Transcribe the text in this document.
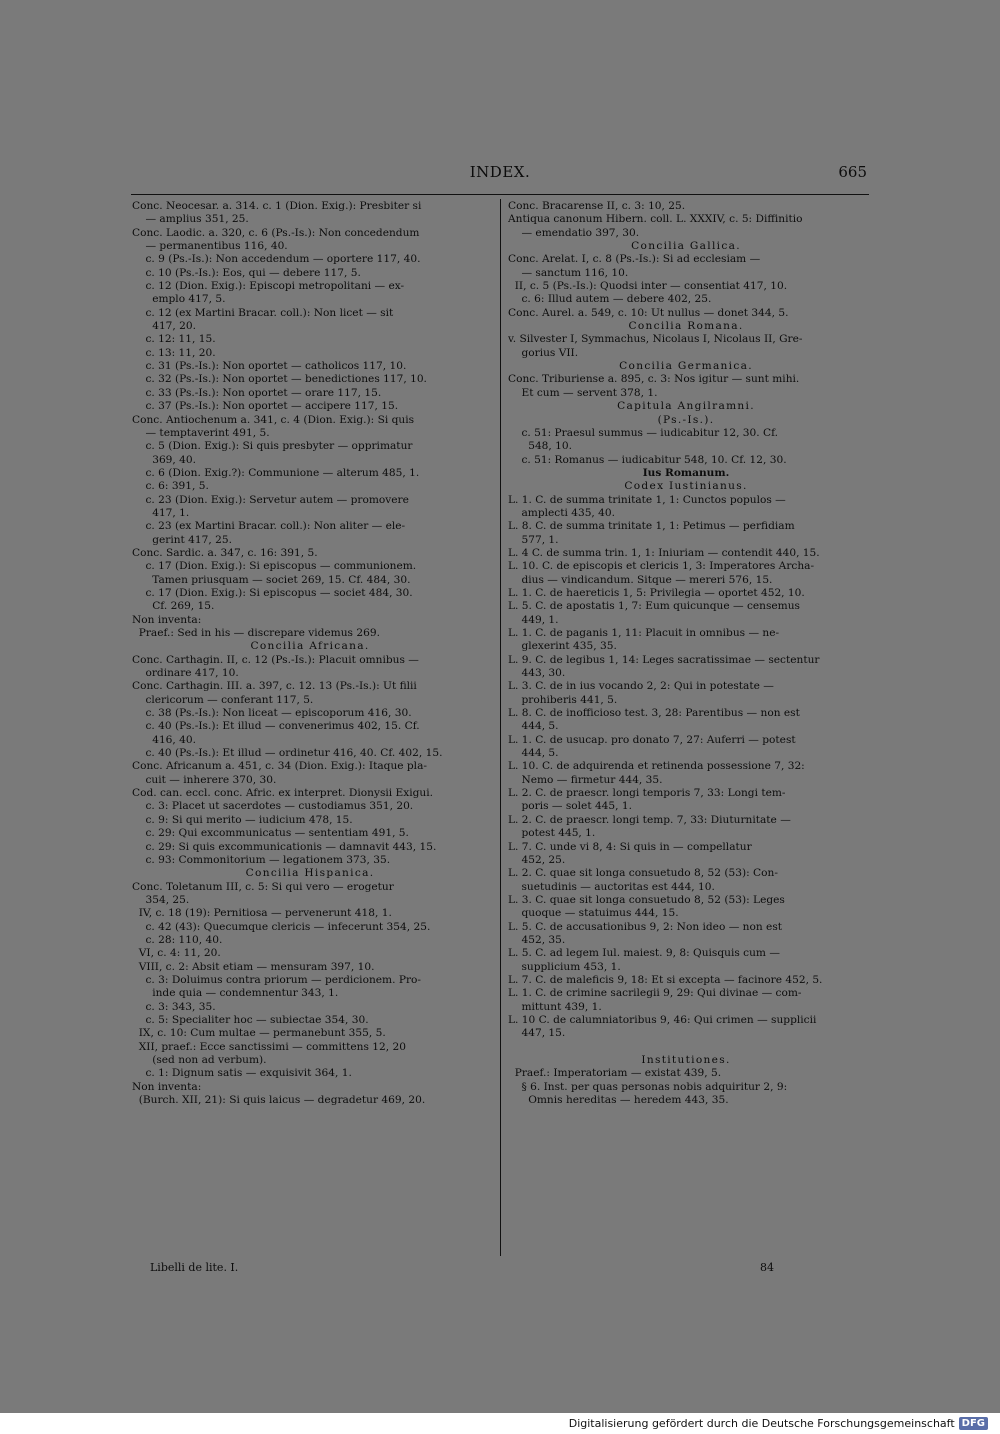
INDEX.	665
Conc. Neocesar. a. 314. c. 1 (Dion. Exig.): Presbiter si
— amplius 351, 25.
Conc. Laodic. a. 320, c. 6 (Ps.-Is.): Non concedendum
— permanentibus 116, 40.
c. 9 (Ps.-Is.): Non accedendum — oportere 117, 40.
c. 10 (Ps.-Is.): Eos, qui — debere 117, 5.
c. 12 (Dion. Exig.): Episcopi metropolitani — ex-
emplo 417, 5.
c. 12 (ex Martini Bracar. coll.): Non licet — sit
417, 20.
c. 12: 11, 15.
c. 13: 11, 20.
c. 31 (Ps.-Is.): Non oportet — catholicos 117, 10.
c. 32 (Ps.-Is.): Non oportet — benedictiones 117, 10.
c. 33 (Ps.-Is.): Non oportet — orare 117, 15.
c. 37 (Ps.-Is.): Non oportet — accipere 117, 15.
Conc. Antiochenum a. 341, c. 4 (Dion. Exig.): Si quis
— temptaverint 491, 5.
c. 5 (Dion. Exig.): Si quis presbyter — opprimatur
369, 40.
c. 6 (Dion. Exig.?): Communione — alterum 485, 1.
c. 6: 391, 5.
c. 23 (Dion. Exig.): Servetur autem — promovere
417, 1.
c. 23 (ex Martini Bracar. coll.): Non aliter — ele-
gerint 417, 25.
Conc. Sardic. a. 347, c. 16: 391, 5.
c. 17 (Dion. Exig.): Si episcopus — communionem.
Tamen priusquam — societ 269, 15. Cf. 484, 30.
c. 17 (Dion. Exig.): Si episcopus — societ 484, 30.
Cf. 269, 15.
Non inventa:
Praef.: Sed in his — discrepare videmus 269.
Concilia Africana.
Conc. Carthagin. II, c. 12 (Ps.-Is.): Placuit omnibus —
ordinare 417, 10.
Conc. Carthagin. III. a. 397, c. 12. 13 (Ps.-Is.): Ut filii
clericorum — conferant 117, 5.
c. 38 (Ps.-Is.): Non liceat — episcoporum 416, 30.
c. 40 (Ps.-Is.): Et illud — convenerimus 402, 15. Cf.
416, 40.
c. 40 (Ps.-Is.): Et illud — ordinetur 416, 40. Cf. 402, 15.
Conc. Africanum a. 451, c. 34 (Dion. Exig.): Itaque pla-
cuit — inherere 370, 30.
Cod. can. eccl. conc. Afric. ex interpret. Dionysii Exigui.
c. 3: Placet ut sacerdotes — custodiamus 351, 20.
c. 9: Si qui merito — iudicium 478, 15.
c. 29: Qui excommunicatus — sententiam 491, 5.
c. 29: Si quis excommunicationis — damnavit 443, 15.
c. 93: Commonitorium — legationem 373, 35.
Concilia Hispanica.
Conc. Toletanum III, c. 5: Si qui vero — erogetur
354, 25.
IV, c. 18 (19): Pernitiosa — pervenerunt 418, 1.
c. 42 (43): Quecumque clericis — infecerunt 354, 25.
c. 28: 110, 40.
VI, c. 4: 11, 20.
VIII, c. 2: Absit etiam — mensuram 397, 10.
c. 3: Doluimus contra priorum — perdicionem. Pro-
inde quia — condemnentur 343, 1.
c. 3: 343, 35.
c. 5: Specialiter hoc — subiectae 354, 30.
IX, c. 10: Cum multae — permanebunt 355, 5.
XII, praef.: Ecce sanctissimi — committens 12, 20
(sed non ad verbum).
c. 1: Dignum satis — exquisivit 364, 1.
Non inventa:
(Burch. XII, 21): Si quis laicus — degradetur 469, 20.
Conc. Bracarense II, c. 3: 10, 25.
Antiqua canonum Hibern. coll. L. XXXIV, c. 5: Diffinitio
— emendatio 397, 30.
Concilia Gallica.
Conc. Arelat. I, c. 8 (Ps.-Is.): Si ad ecclesiam —
— sanctum 116, 10.
II, c. 5 (Ps.-Is.): Quodsi inter — consentiat 417, 10.
c. 6: Illud autem — debere 402, 25.
Conc. Aurel. a. 549, c. 10: Ut nullus — donet 344, 5.
Concilia Romana.
v. Silvester I, Symmachus, Nicolaus I, Nicolaus II, Gre-
gorius VII.
Concilia Germanica.
Conc. Triburiense a. 895, c. 3: Nos igitur — sunt mihi.
Et cum — servent 378, 1.
Capitula Angilramni.
(Ps.-Is.).
c. 51: Praesul summus — iudicabitur 12, 30. Cf.
548, 10.
c. 51: Romanus — iudicabitur 548, 10. Cf. 12, 30.
Ius Romanum.
Codex Iustinianus.
L. 1. C. de summa trinitate 1, 1: Cunctos populos —
amplecti 435, 40.
L. 8. C. de summa trinitate 1, 1: Petimus — perfidiam
577, 1.
L. 4 C. de summa trin. 1, 1: Iniuriam — contendit 440, 15.
L. 10. C. de episcopis et clericis 1, 3: Imperatores Archa-
dius — vindicandum. Sitque — mereri 576, 15.
L. 1. C. de haereticis 1, 5: Privilegia — oportet 452, 10.
L. 5. C. de apostatis 1, 7: Eum quicunque — censemus
449, 1.
L. 1. C. de paganis 1, 11: Placuit in omnibus — ne-
glexerint 435, 35.
L. 9. C. de legibus 1, 14: Leges sacratissimae — sectentur
443, 30.
L. 3. C. de in ius vocando 2, 2: Qui in potestate —
prohiberis 441, 5.
L. 8. C. de inofficioso test. 3, 28: Parentibus — non est
444, 5.
L. 1. C. de usucap. pro donato 7, 27: Auferri — potest
444, 5.
L. 10. C. de adquirenda et retinenda possessione 7, 32:
Nemo — firmetur 444, 35.
L. 2. C. de praescr. longi temporis 7, 33: Longi tem-
poris — solet 445, 1.
L. 2. C. de praescr. longi temp. 7, 33: Diuturnitate —
potest 445, 1.
L. 7. C. unde vi 8, 4: Si quis in — compellatur
452, 25.
L. 2. C. quae sit longa consuetudo 8, 52 (53): Con-
suetudinis — auctoritas est 444, 10.
L. 3. C. quae sit longa consuetudo 8, 52 (53): Leges
quoque — statuimus 444, 15.
L. 5. C. de accusationibus 9, 2: Non ideo — non est
452, 35.
L. 5. C. ad legem Iul. maiest. 9, 8: Quisquis cum —
supplicium 453, 1.
L. 7. C. de maleficis 9, 18: Et si excepta — facinore 452, 5.
L. 1. C. de crimine sacrilegii 9, 29: Qui divinae — com-
mittunt 439, 1.
L. 10 C. de calumniatoribus 9, 46: Qui crimen — supplicii
447, 15.
Institutiones.
Praef.: Imperatoriam — existat 439, 5.
§ 6. Inst. per quas personas nobis adquiritur 2, 9:
Omnis hereditas — heredem 443, 35.
Libelli de lite. I.	84
Digitalisierung gefördert durch die Deutsche Forschungsgemeinschaft DFG
